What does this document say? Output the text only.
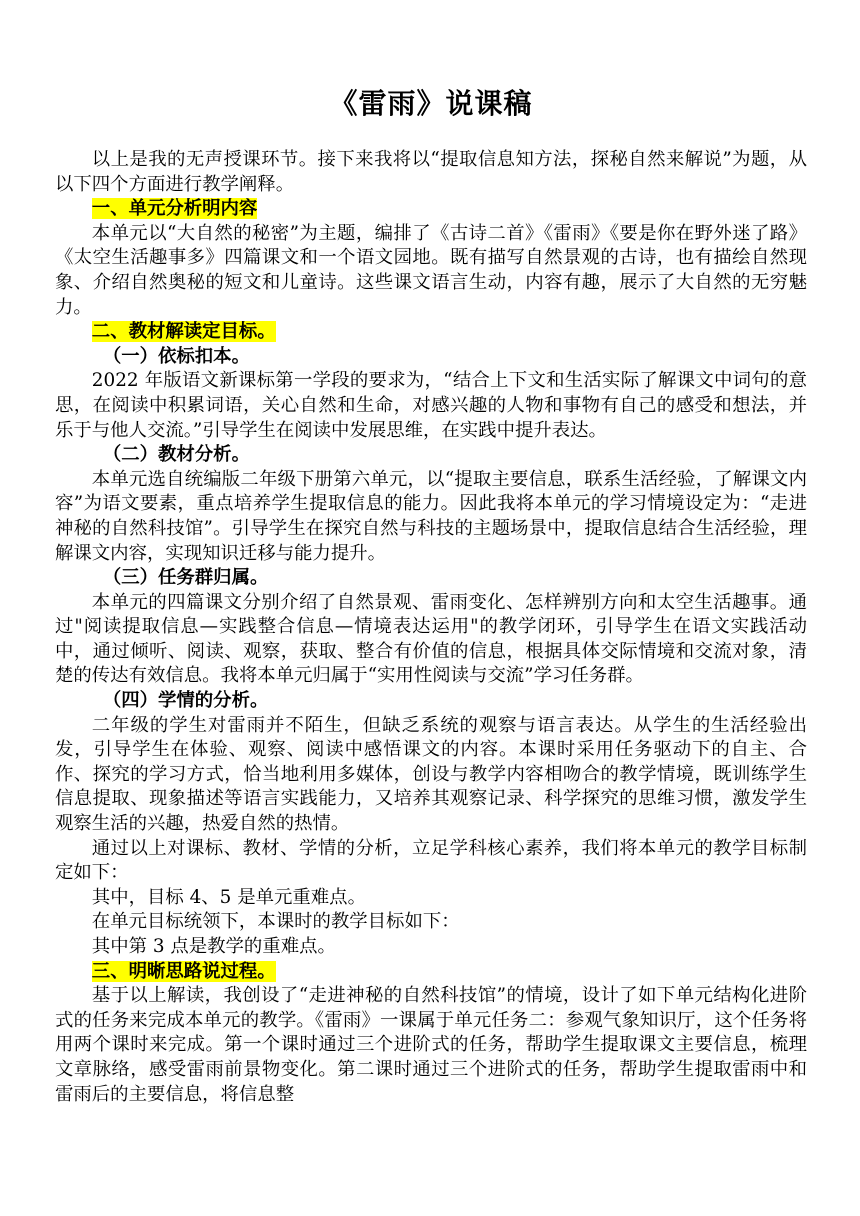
《雷雨》说课稿

以上是我的无声授课环节。接下来我将以“提取信息知方法，探秘自然来解说”为题，从以下四个方面进行教学阐释。

一、单元分析明内容

本单元以“大自然的秘密”为主题，编排了《古诗二首》《雷雨》《要是你在野外迷了路》《太空生活趣事多》四篇课文和一个语文园地。既有描写自然景观的古诗，也有描绘自然现象、介绍自然奥秘的短文和儿童诗。这些课文语言生动，内容有趣，展示了大自然的无穷魅力。

二、教材解读定目标。

（一）依标扣本。

2022 年版语文新课标第一学段的要求为，“结合上下文和生活实际了解课文中词句的意思，在阅读中积累词语，关心自然和生命，对感兴趣的人物和事物有自己的感受和想法，并乐于与他人交流。”引导学生在阅读中发展思维，在实践中提升表达。

（二）教材分析。

本单元选自统编版二年级下册第六单元，以“提取主要信息，联系生活经验，了解课文内容”为语文要素，重点培养学生提取信息的能力。因此我将本单元的学习情境设定为：“走进神秘的自然科技馆”。引导学生在探究自然与科技的主题场景中，提取信息结合生活经验，理解课文内容，实现知识迁移与能力提升。

（三）任务群归属。

本单元的四篇课文分别介绍了自然景观、雷雨变化、怎样辨别方向和太空生活趣事。通过"阅读提取信息—实践整合信息—情境表达运用"的教学闭环，引导学生在语文实践活动中，通过倾听、阅读、观察，获取、整合有价值的信息，根据具体交际情境和交流对象，清楚的传达有效信息。我将本单元归属于“实用性阅读与交流”学习任务群。

（四）学情的分析。

二年级的学生对雷雨并不陌生，但缺乏系统的观察与语言表达。从学生的生活经验出发，引导学生在体验、观察、阅读中感悟课文的内容。本课时采用任务驱动下的自主、合作、探究的学习方式，恰当地利用多媒体，创设与教学内容相吻合的教学情境，既训练学生信息提取、现象描述等语言实践能力，又培养其观察记录、科学探究的思维习惯，激发学生观察生活的兴趣，热爱自然的热情。

通过以上对课标、教材、学情的分析，立足学科核心素养，我们将本单元的教学目标制定如下：

其中，目标 4、5 是单元重难点。

在单元目标统领下，本课时的教学目标如下：

其中第 3 点是教学的重难点。

三、明晰思路说过程。

基于以上解读，我创设了“走进神秘的自然科技馆”的情境，设计了如下单元结构化进阶式的任务来完成本单元的教学。《雷雨》一课属于单元任务二：参观气象知识厅，这个任务将用两个课时来完成。第一个课时通过三个进阶式的任务，帮助学生提取课文主要信息，梳理文章脉络，感受雷雨前景物变化。第二课时通过三个进阶式的任务，帮助学生提取雷雨中和雷雨后的主要信息，将信息整
